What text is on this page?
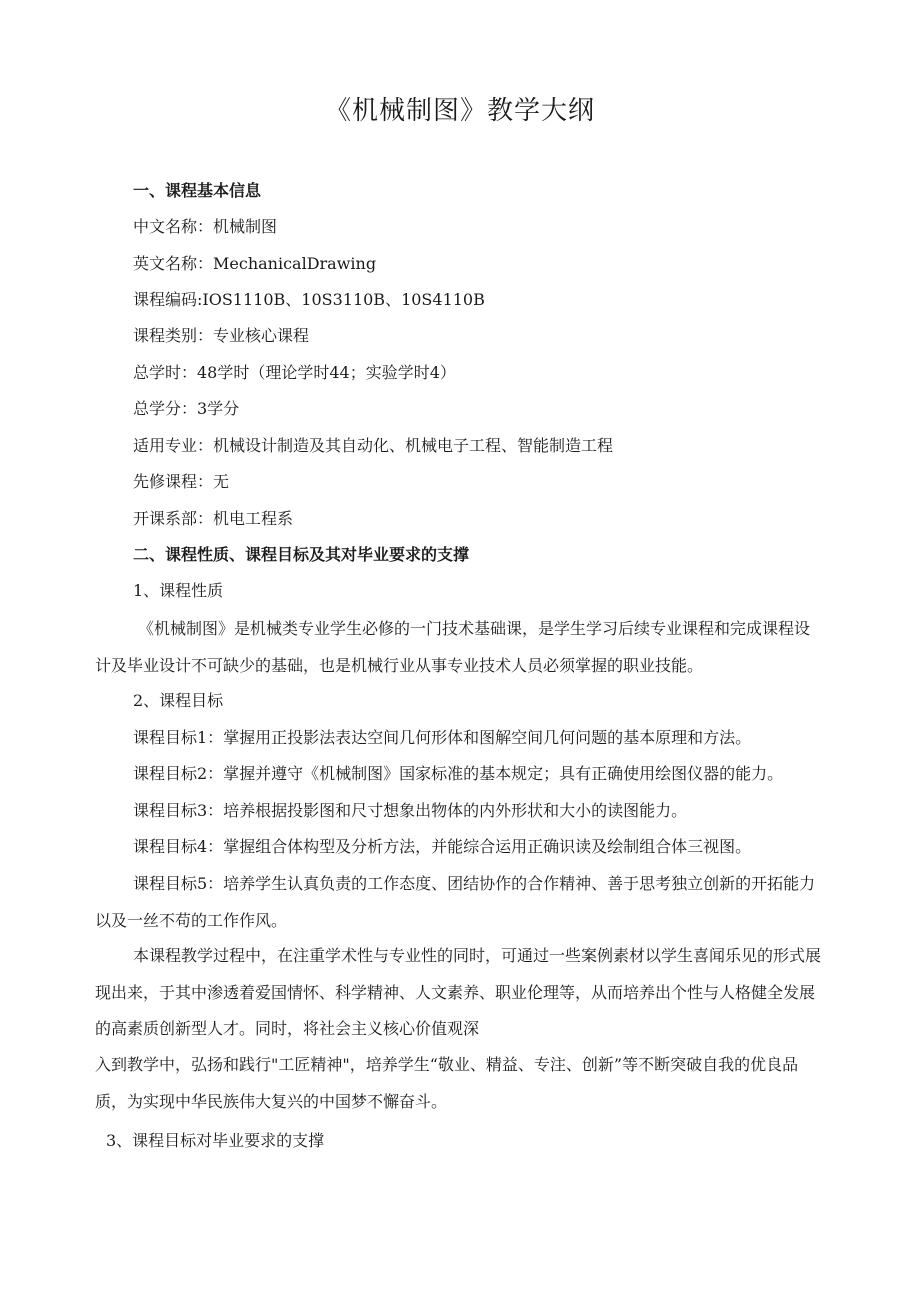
《机械制图》教学大纲
一、课程基本信息
中文名称：机械制图
英文名称：MechanicalDrawing
课程编码:IOS1110B、10S3110B、10S4110B
课程类别：专业核心课程
总学时：48学时（理论学时44；实验学时4）
总学分：3学分
适用专业：机械设计制造及其自动化、机械电子工程、智能制造工程
先修课程：无
开课系部：机电工程系
二、课程性质、课程目标及其对毕业要求的支撑
1、课程性质
《机械制图》是机械类专业学生必修的一门技术基础课，是学生学习后续专业课程和完成课程设计及毕业设计不可缺少的基础，也是机械行业从事专业技术人员必须掌握的职业技能。
2、课程目标
课程目标1：掌握用正投影法表达空间几何形体和图解空间几何问题的基本原理和方法。
课程目标2：掌握并遵守《机械制图》国家标准的基本规定；具有正确使用绘图仪器的能力。
课程目标3：培养根据投影图和尺寸想象出物体的内外形状和大小的读图能力。
课程目标4：掌握组合体构型及分析方法，并能综合运用正确识读及绘制组合体三视图。
课程目标5：培养学生认真负责的工作态度、团结协作的合作精神、善于思考独立创新的开拓能力以及一丝不苟的工作作风。
本课程教学过程中，在注重学术性与专业性的同时，可通过一些案例素材以学生喜闻乐见的形式展现出来，于其中渗透着爱国情怀、科学精神、人文素养、职业伦理等，从而培养出个性与人格健全发展的高素质创新型人才。同时，将社会主义核心价值观深
入到教学中，弘扬和践行"工匠精神"，培养学生“敬业、精益、专注、创新”等不断突破自我的优良品质，为实现中华民族伟大复兴的中国梦不懈奋斗。
3、课程目标对毕业要求的支撑
